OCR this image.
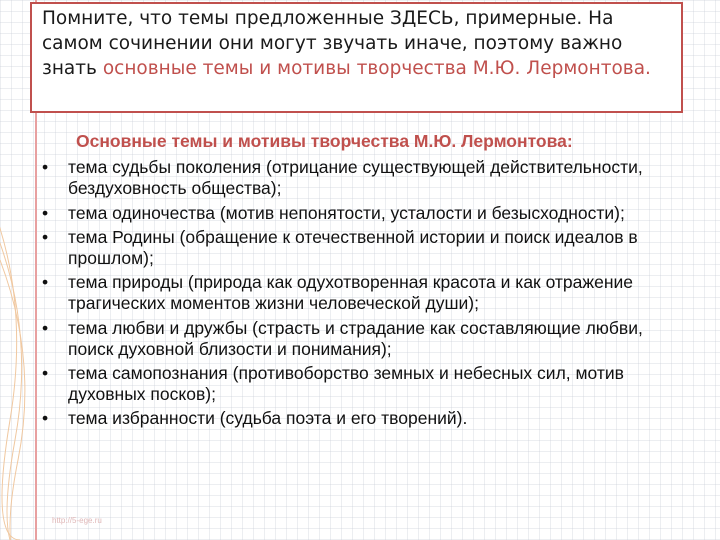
Помните, что темы предложенные ЗДЕСЬ, примерные. На самом сочинении они могут звучать иначе, поэтому важно знать основные темы и мотивы творчества М.Ю. Лермонтова.
Основные темы и мотивы творчества М.Ю. Лермонтова:
• тема судьбы поколения (отрицание существующей действительности, бездуховность общества);
• тема одиночества (мотив непонятости, усталости и безысходности);
• тема Родины (обращение к отечественной истории и поиск идеалов в прошлом);
• тема природы (природа как одухотворенная красота и как отражение трагических моментов жизни человеческой души);
• тема любви и дружбы (страсть и страдание как составляющие любви, поиск духовной близости и понимания);
• тема самопознания (противоборство земных и небесных сил, мотив духовных посков);
• тема избранности (судьба поэта и его творений).
http://5-ege.ru
